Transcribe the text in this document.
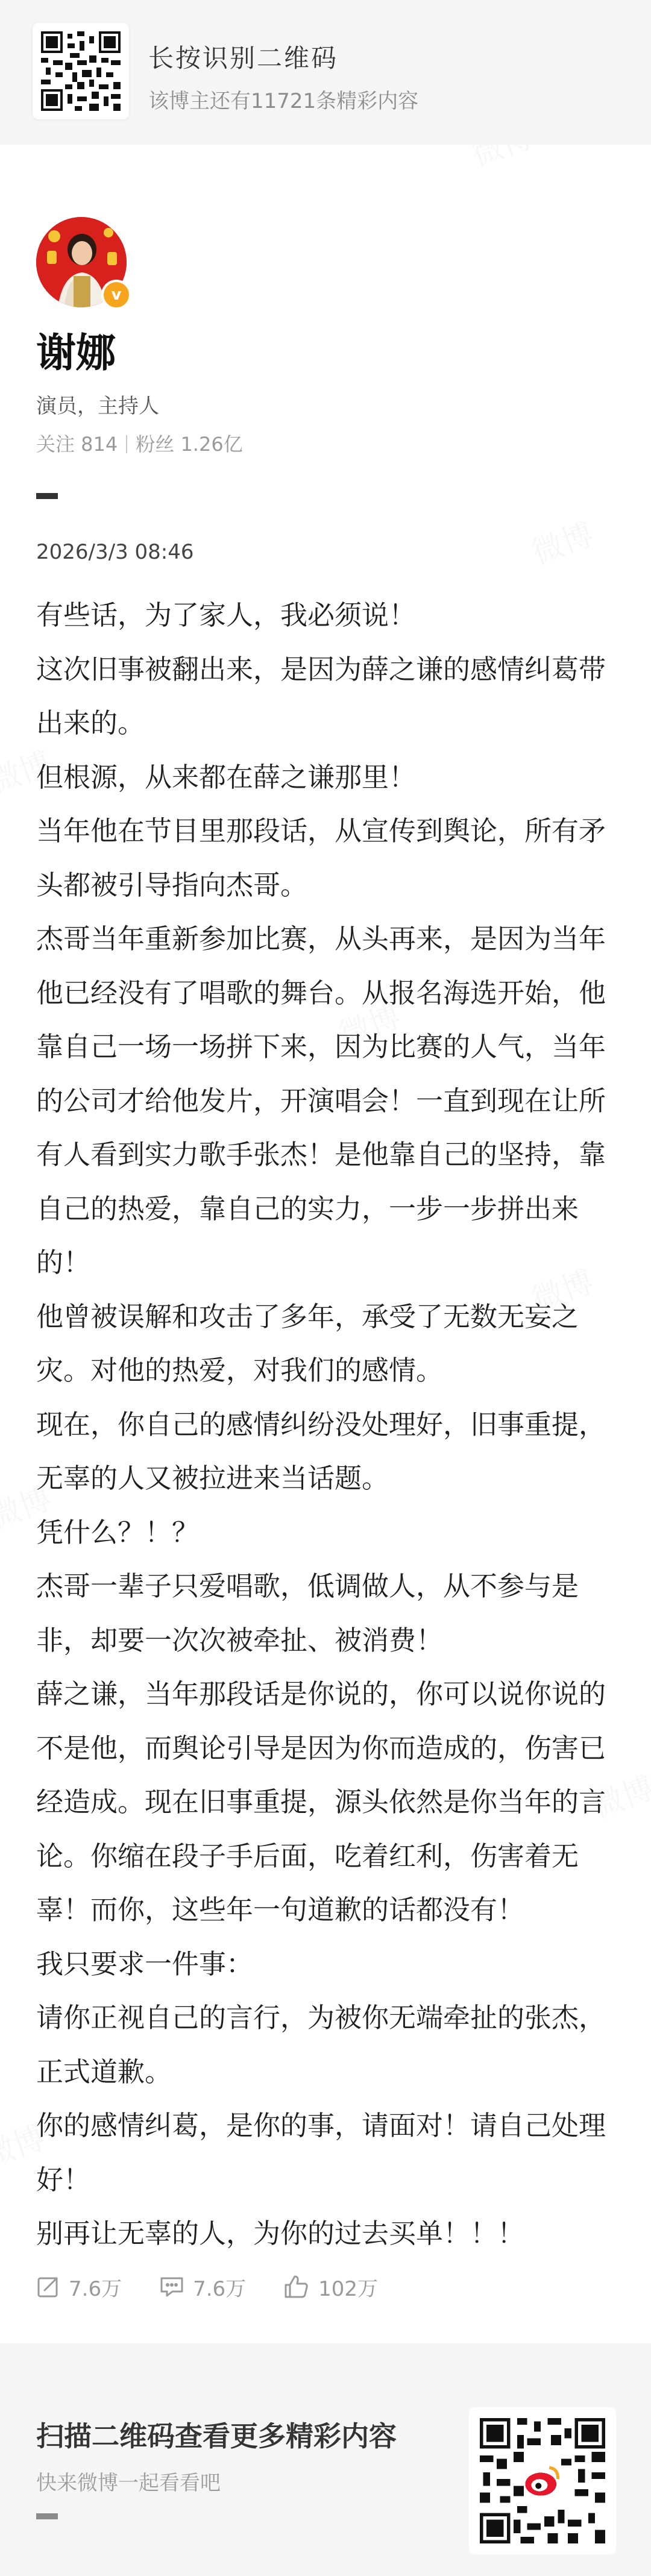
长按识别二维码
该博主还有11721条精彩内容
v
谢娜
演员，主持人
关注 814 粉丝 1.26亿
2026/3/3 08:46

有些话，为了家人，我必须说！

这次旧事被翻出来，是因为薛之谦的感情纠葛带出来的。

但根源，从来都在薛之谦那里！

当年他在节目里那段话，从宣传到舆论，所有矛头都被引导指向杰哥。

杰哥当年重新参加比赛，从头再来，是因为当年他已经没有了唱歌的舞台。从报名海选开始，他靠自己一场一场拼下来，因为比赛的人气，当年的公司才给他发片，开演唱会！一直到现在让所有人看到实力歌手张杰！是他靠自己的坚持，靠自己的热爱，靠自己的实力，一步一步拼出来的！

他曾被误解和攻击了多年，承受了无数无妄之灾。对他的热爱，对我们的感情。

现在，你自己的感情纠纷没处理好，旧事重提，无辜的人又被拉进来当话题。

凭什么？！？

杰哥一辈子只爱唱歌，低调做人，从不参与是非，却要一次次被牵扯、被消费！

薛之谦，当年那段话是你说的，你可以说你说的不是他，而舆论引导是因为你而造成的，伤害已经造成。现在旧事重提，源头依然是你当年的言论。你缩在段子手后面，吃着红利，伤害着无辜！而你，这些年一句道歉的话都没有！

我只要求一件事：

请你正视自己的言行，为被你无端牵扯的张杰，正式道歉。

你的感情纠葛，是你的事，请面对！请自己处理好！

别再让无辜的人，为你的过去买单！！！

7.6万	7.6万	102万
扫描二维码查看更多精彩内容
快来微博一起看看吧
